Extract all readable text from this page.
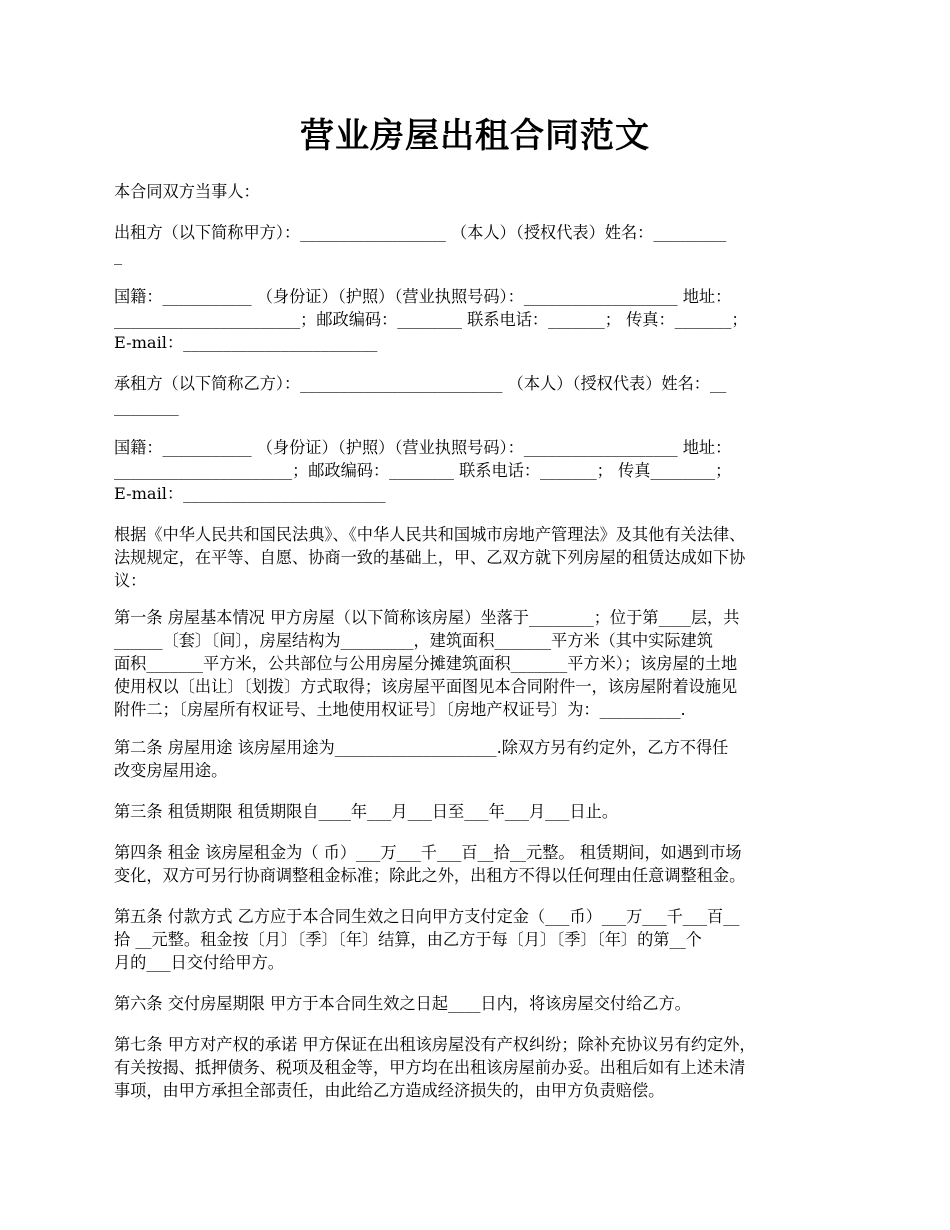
营业房屋出租合同范文
本合同双方当事人：
出租方（以下简称甲方）：__________________ （本人）（授权代表）姓名：_________
_
国籍：___________ （身份证）（护照）（营业执照号码）：___________________ 地址：
_______________________；邮政编码：________ 联系电话：_______； 传真：_______；
E-mail：________________________
承租方（以下简称乙方）：_________________________ （本人）（授权代表）姓名：__
________
国籍：___________ （身份证）（护照）（营业执照号码）：___________________ 地址：
______________________；邮政编码：________ 联系电话：_______； 传真________；
E-mail：_________________________
根据《中华人民共和国民法典》、《中华人民共和国城市房地产管理法》及其他有关法律、
法规规定，在平等、自愿、协商一致的基础上，甲、乙双方就下列房屋的租赁达成如下协
议：
第一条 房屋基本情况 甲方房屋（以下简称该房屋）坐落于________；位于第____层，共
______〔套〕〔间〕，房屋结构为_________，建筑面积_______平方米（其中实际建筑
面积_______平方米，公共部位与公用房屋分摊建筑面积_______平方米）；该房屋的土地
使用权以〔出让〕〔划拨〕方式取得；该房屋平面图见本合同附件一，该房屋附着设施见
附件二；〔房屋所有权证号、土地使用权证号〕〔房地产权证号〕为：__________.
第二条 房屋用途 该房屋用途为____________________.除双方另有约定外，乙方不得任
改变房屋用途。
第三条 租赁期限 租赁期限自____年___月___日至___年___月___日止。
第四条 租金 该房屋租金为（ 币）___万___千___百__拾__元整。 租赁期间，如遇到市场
变化，双方可另行协商调整租金标准；除此之外，出租方不得以任何理由任意调整租金。
第五条 付款方式 乙方应于本合同生效之日向甲方支付定金（___币）___万___千___百__
拾 __元整。租金按〔月〕〔季〕〔年〕结算，由乙方于每〔月〕〔季〕〔年〕的第__个
月的___日交付给甲方。
第六条 交付房屋期限 甲方于本合同生效之日起____日内，将该房屋交付给乙方。
第七条 甲方对产权的承诺 甲方保证在出租该房屋没有产权纠纷；除补充协议另有约定外，
有关按揭、抵押债务、税项及租金等，甲方均在出租该房屋前办妥。出租后如有上述未清
事项，由甲方承担全部责任，由此给乙方造成经济损失的，由甲方负责赔偿。
